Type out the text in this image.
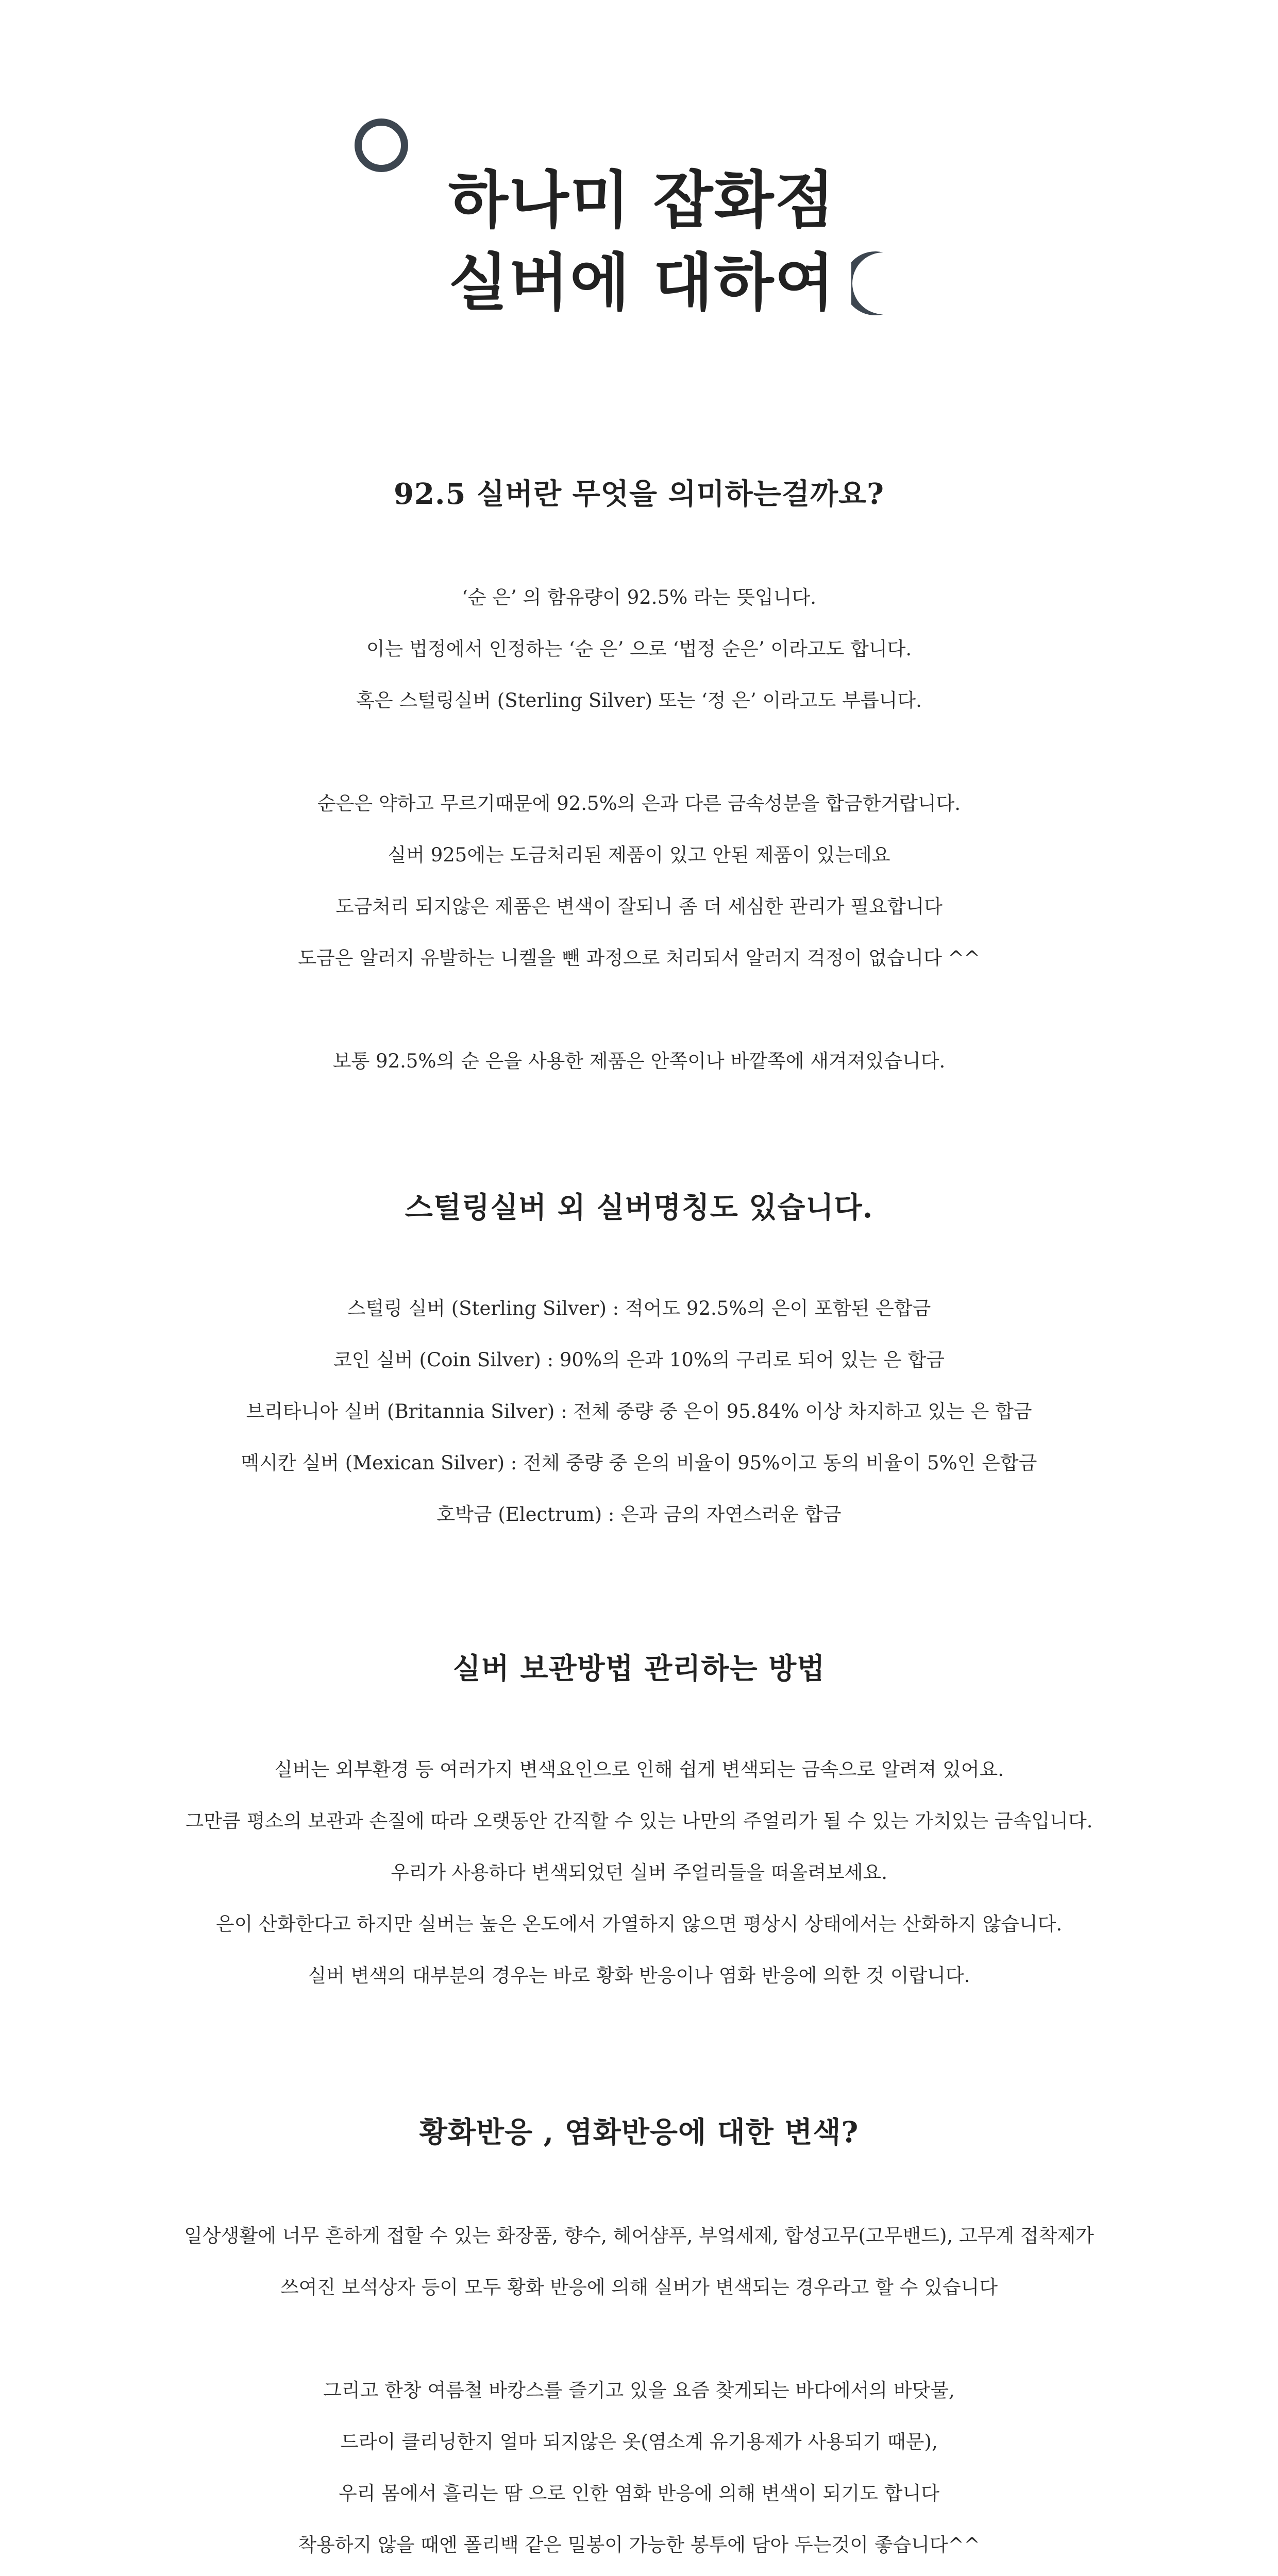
하나미 잡화점
실버에 대하여
92.5 실버란 무엇을 의미하는걸까요?

‘순 은’ 의 함유량이 92.5% 라는 뜻입니다.

이는 법정에서 인정하는 ‘순 은’ 으로 ‘법정 순은’ 이라고도 합니다.

혹은 스털링실버 (Sterling Silver) 또는 ‘정 은’ 이라고도 부릅니다.

순은은 약하고 무르기때문에 92.5%의 은과 다른 금속성분을 합금한거랍니다.

실버 925에는 도금처리된 제품이 있고 안된 제품이 있는데요

도금처리 되지않은 제품은 변색이 잘되니 좀 더 세심한 관리가 필요합니다

도금은 알러지 유발하는 니켈을 뺀 과정으로 처리되서 알러지 걱정이 없습니다 ^^

보통 92.5%의 순 은을 사용한 제품은 안쪽이나 바깥쪽에 새겨져있습니다.

스털링실버 외 실버명칭도 있습니다.

스털링 실버 (Sterling Silver) : 적어도 92.5%의 은이 포함된 은합금

코인 실버 (Coin Silver) : 90%의 은과 10%의 구리로 되어 있는 은 합금

브리타니아 실버 (Britannia Silver) : 전체 중량 중 은이 95.84% 이상 차지하고 있는 은 합금

멕시칸 실버 (Mexican Silver) : 전체 중량 중 은의 비율이 95%이고 동의 비율이 5%인 은합금

호박금 (Electrum) : 은과 금의 자연스러운 합금

실버 보관방법 관리하는 방법

실버는 외부환경 등 여러가지 변색요인으로 인해 쉽게 변색되는 금속으로 알려져 있어요.

그만큼 평소의 보관과 손질에 따라 오랫동안 간직할 수 있는 나만의 주얼리가 될 수 있는 가치있는 금속입니다.

우리가 사용하다 변색되었던 실버 주얼리들을 떠올려보세요.

은이 산화한다고 하지만 실버는 높은 온도에서 가열하지 않으면 평상시 상태에서는 산화하지 않습니다.

실버 변색의 대부분의 경우는 바로 황화 반응이나 염화 반응에 의한 것 이랍니다.

황화반응 , 염화반응에 대한 변색?

일상생활에 너무 흔하게 접할 수 있는 화장품, 향수, 헤어샴푸, 부엌세제, 합성고무(고무밴드), 고무계 접착제가

쓰여진 보석상자 등이 모두 황화 반응에 의해 실버가 변색되는 경우라고 할 수 있습니다

그리고 한창 여름철 바캉스를 즐기고 있을 요즘 찾게되는 바다에서의 바닷물,

드라이 클리닝한지 얼마 되지않은 옷(염소계 유기용제가 사용되기 때문),

우리 몸에서 흘리는 땀 으로 인한 염화 반응에 의해 변색이 되기도 합니다

착용하지 않을 때엔 폴리백 같은 밀봉이 가능한 봉투에 담아 두는것이 좋습니다^^
